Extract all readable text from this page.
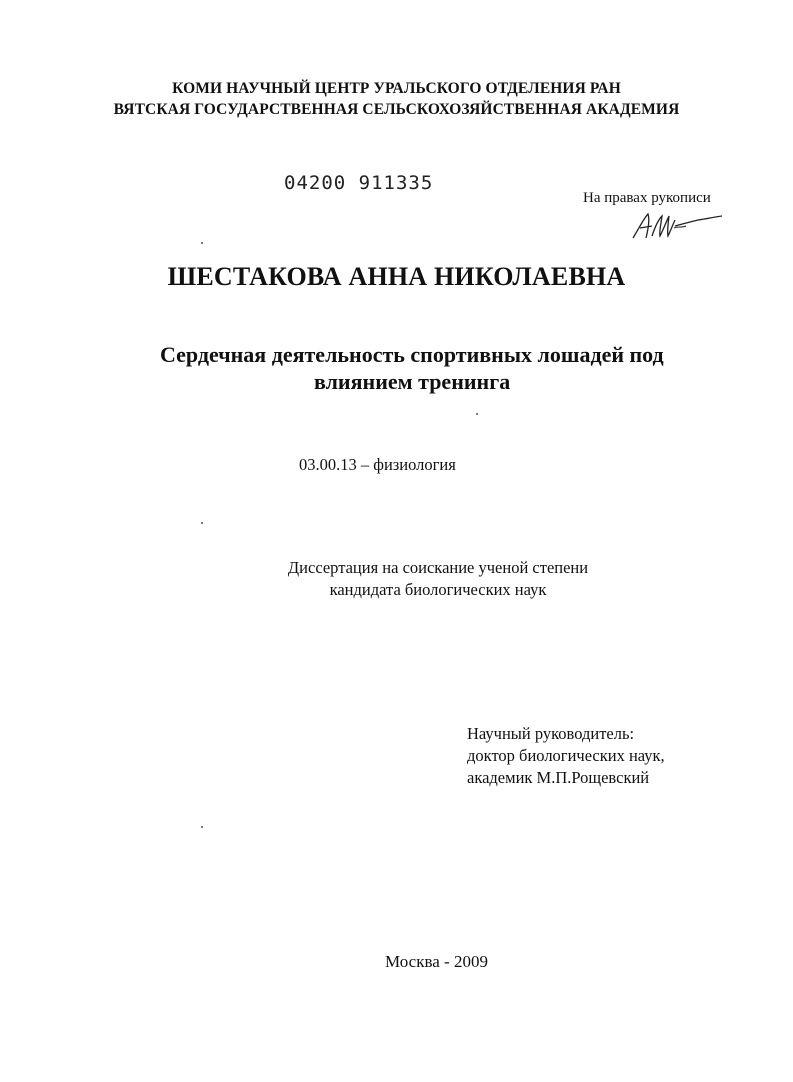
КОМИ НАУЧНЫЙ ЦЕНТР УРАЛЬСКОГО ОТДЕЛЕНИЯ РАН
ВЯТСКАЯ ГОСУДАРСТВЕННАЯ СЕЛЬСКОХОЗЯЙСТВЕННАЯ АКАДЕМИЯ
04200 911335
На правах рукописи
ШЕСТАКОВА АННА НИКОЛАЕВНА
Сердечная деятельность спортивных лошадей под
влиянием тренинга
03.00.13 – физиология
Диссертация на соискание ученой степени
кандидата биологических наук
Научный руководитель:
доктор биологических наук,
академик М.П.Рощевский
Москва - 2009
